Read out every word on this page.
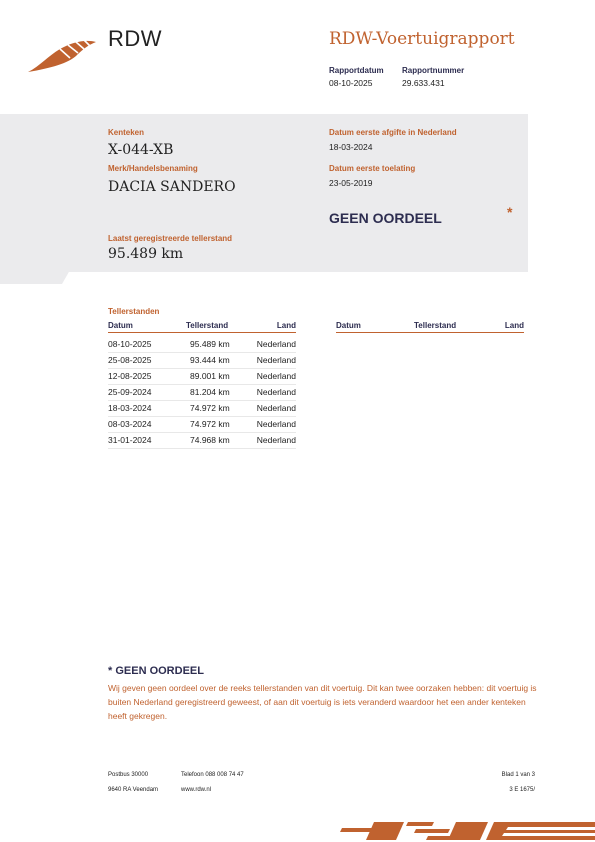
RDW	RDW-Voertuigrapport
Rapportdatum
08-10-2025
Rapportnummer
29.633.431
Kenteken
X-044-XB
Merk/Handelsbenaming
DACIA SANDERO
Laatst geregistreerde tellerstand
95.489 km
Datum eerste afgifte in Nederland
18-03-2024
Datum eerste toelating
23-05-2019
GEEN OORDEEL	*
Tellerstanden
Datum	Tellerstand	Land	Datum	Tellerstand	Land
08-10-2025	95.489 km	Nederland
25-08-2025	93.444 km	Nederland
12-08-2025	89.001 km	Nederland
25-09-2024	81.204 km	Nederland
18-03-2024	74.972 km	Nederland
08-03-2024	74.972 km	Nederland
31-01-2024	74.968 km	Nederland
* GEEN OORDEEL
Wij geven geen oordeel over de reeks tellerstanden van dit voertuig. Dit kan twee oorzaken hebben: dit voertuig is buiten Nederland geregistreerd geweest, of aan dit voertuig is iets veranderd waardoor het een ander kenteken heeft gekregen.
Postbus 30000
9640 RA Veendam
Telefoon 088 008 74 47
www.rdw.nl
Blad 1 van 3
3 E 1675/
